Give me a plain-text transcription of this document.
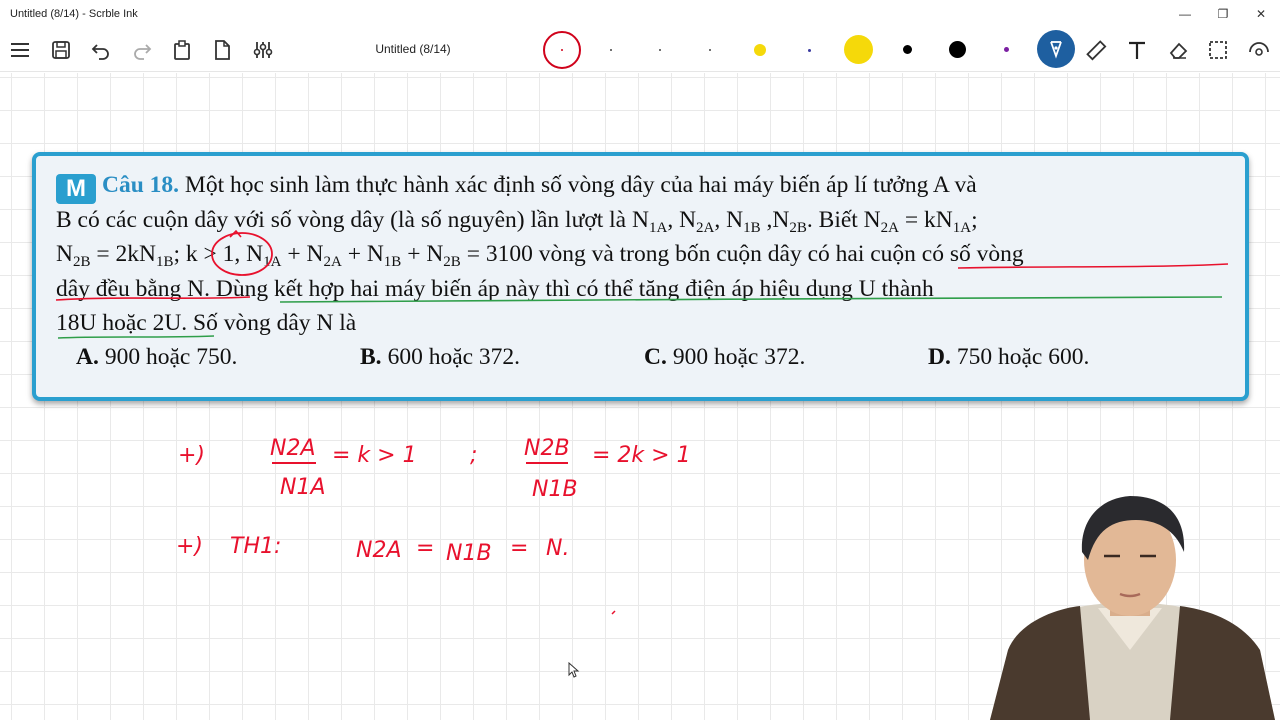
Untitled (8/14) - Scrble Ink	—	❐	✕
Untitled (8/14)
M Câu 18. Một học sinh làm thực hành xác định số vòng dây của hai máy biến áp lí tưởng A và
B có các cuộn dây với số vòng dây (là số nguyên) lần lượt là $N_{1A}$, $N_{2A}$, $N_{1B}$ $,N_{2B}$. Biết $N_{2A} = kN_{1A}$;
$N_{2B} = 2kN_{1B}$; k > 1, $N_{1A} + N_{2A} + N_{1B} + N_{2B} = 3100$ vòng và trong bốn cuộn dây có hai cuộn có số vòng
dây đều bằng N. Dùng kết hợp hai máy biến áp này thì có thể tăng điện áp hiệu dụng U thành
18U hoặc 2U. Số vòng dây N là
A. 900 hoặc 750.	B. 600 hoặc 372.	C. 900 hoặc 372.	D. 750 hoặc 600.
+)	N2A
N1A
= k > 1 ; N2B
N1B
= 2k > 1
+) TH1:	N2A = N1B = N.
